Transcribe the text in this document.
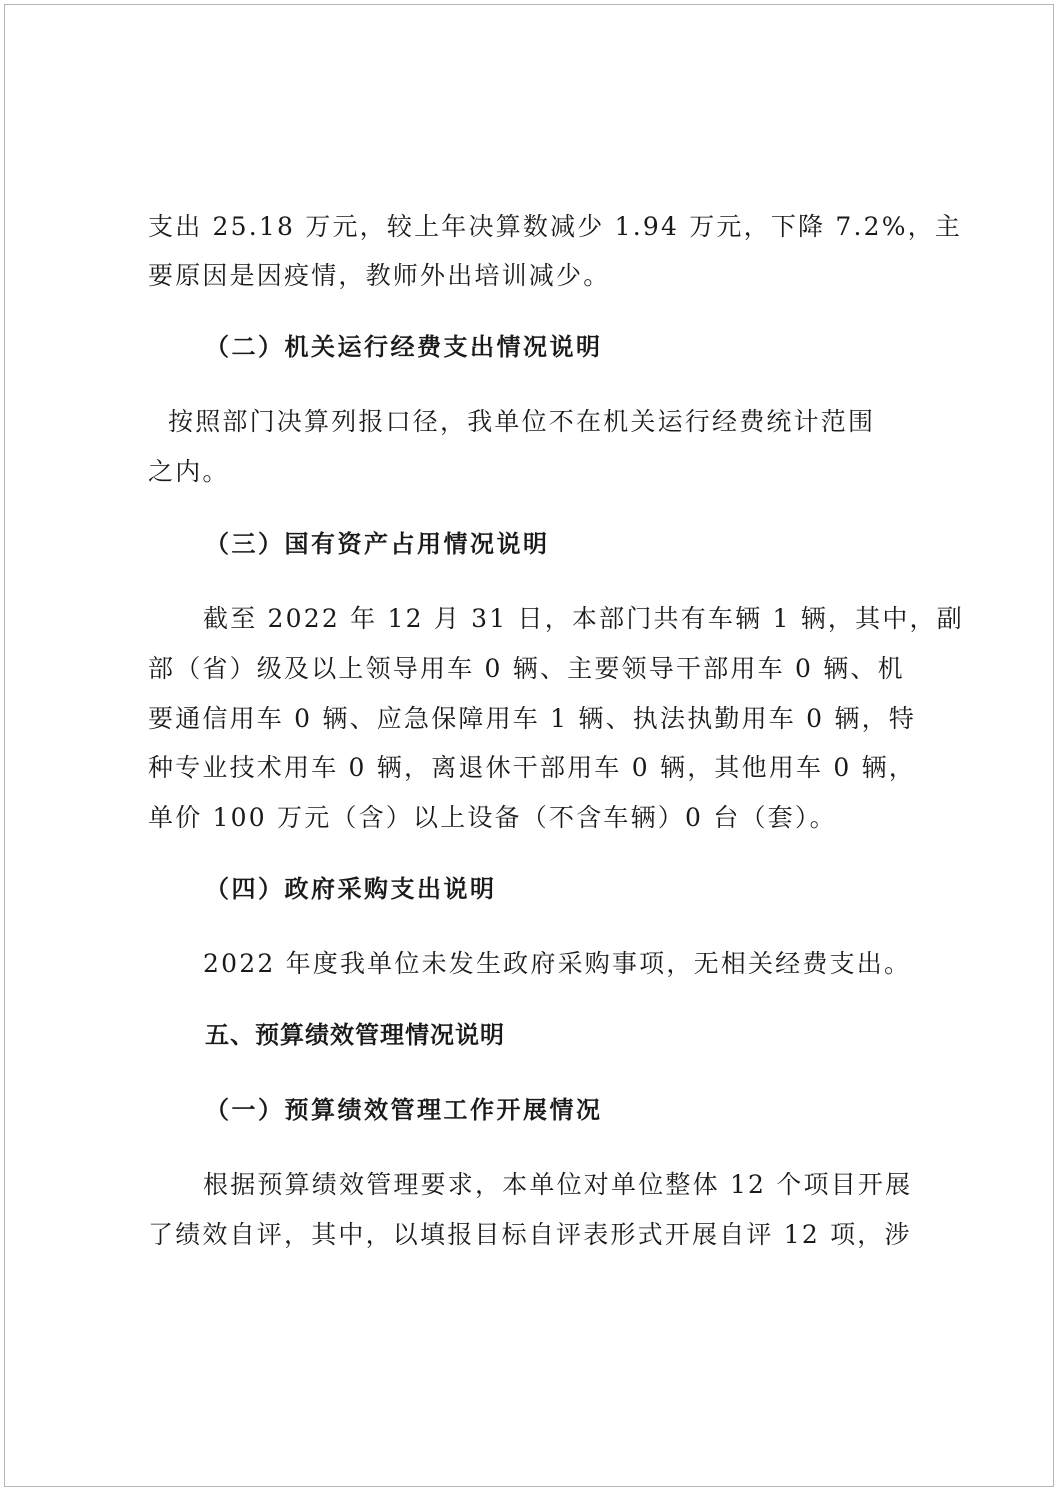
支出 25.18 万元，较上年决算数减少 1.94 万元，下降 7.2%，主
要原因是因疫情，教师外出培训减少。
（二）机关运行经费支出情况说明
按照部门决算列报口径，我单位不在机关运行经费统计范围
之内。
（三）国有资产占用情况说明
截至 2022 年 12 月 31 日，本部门共有车辆 1 辆，其中，副
部（省）级及以上领导用车 0 辆、主要领导干部用车 0 辆、机
要通信用车 0 辆、应急保障用车 1 辆、执法执勤用车 0 辆，特
种专业技术用车 0 辆，离退休干部用车 0 辆，其他用车 0 辆，
单价 100 万元（含）以上设备（不含车辆）0 台（套）。
（四）政府采购支出说明
2022 年度我单位未发生政府采购事项，无相关经费支出。
五、预算绩效管理情况说明
（一）预算绩效管理工作开展情况
根据预算绩效管理要求，本单位对单位整体 12 个项目开展
了绩效自评，其中，以填报目标自评表形式开展自评 12 项，涉
